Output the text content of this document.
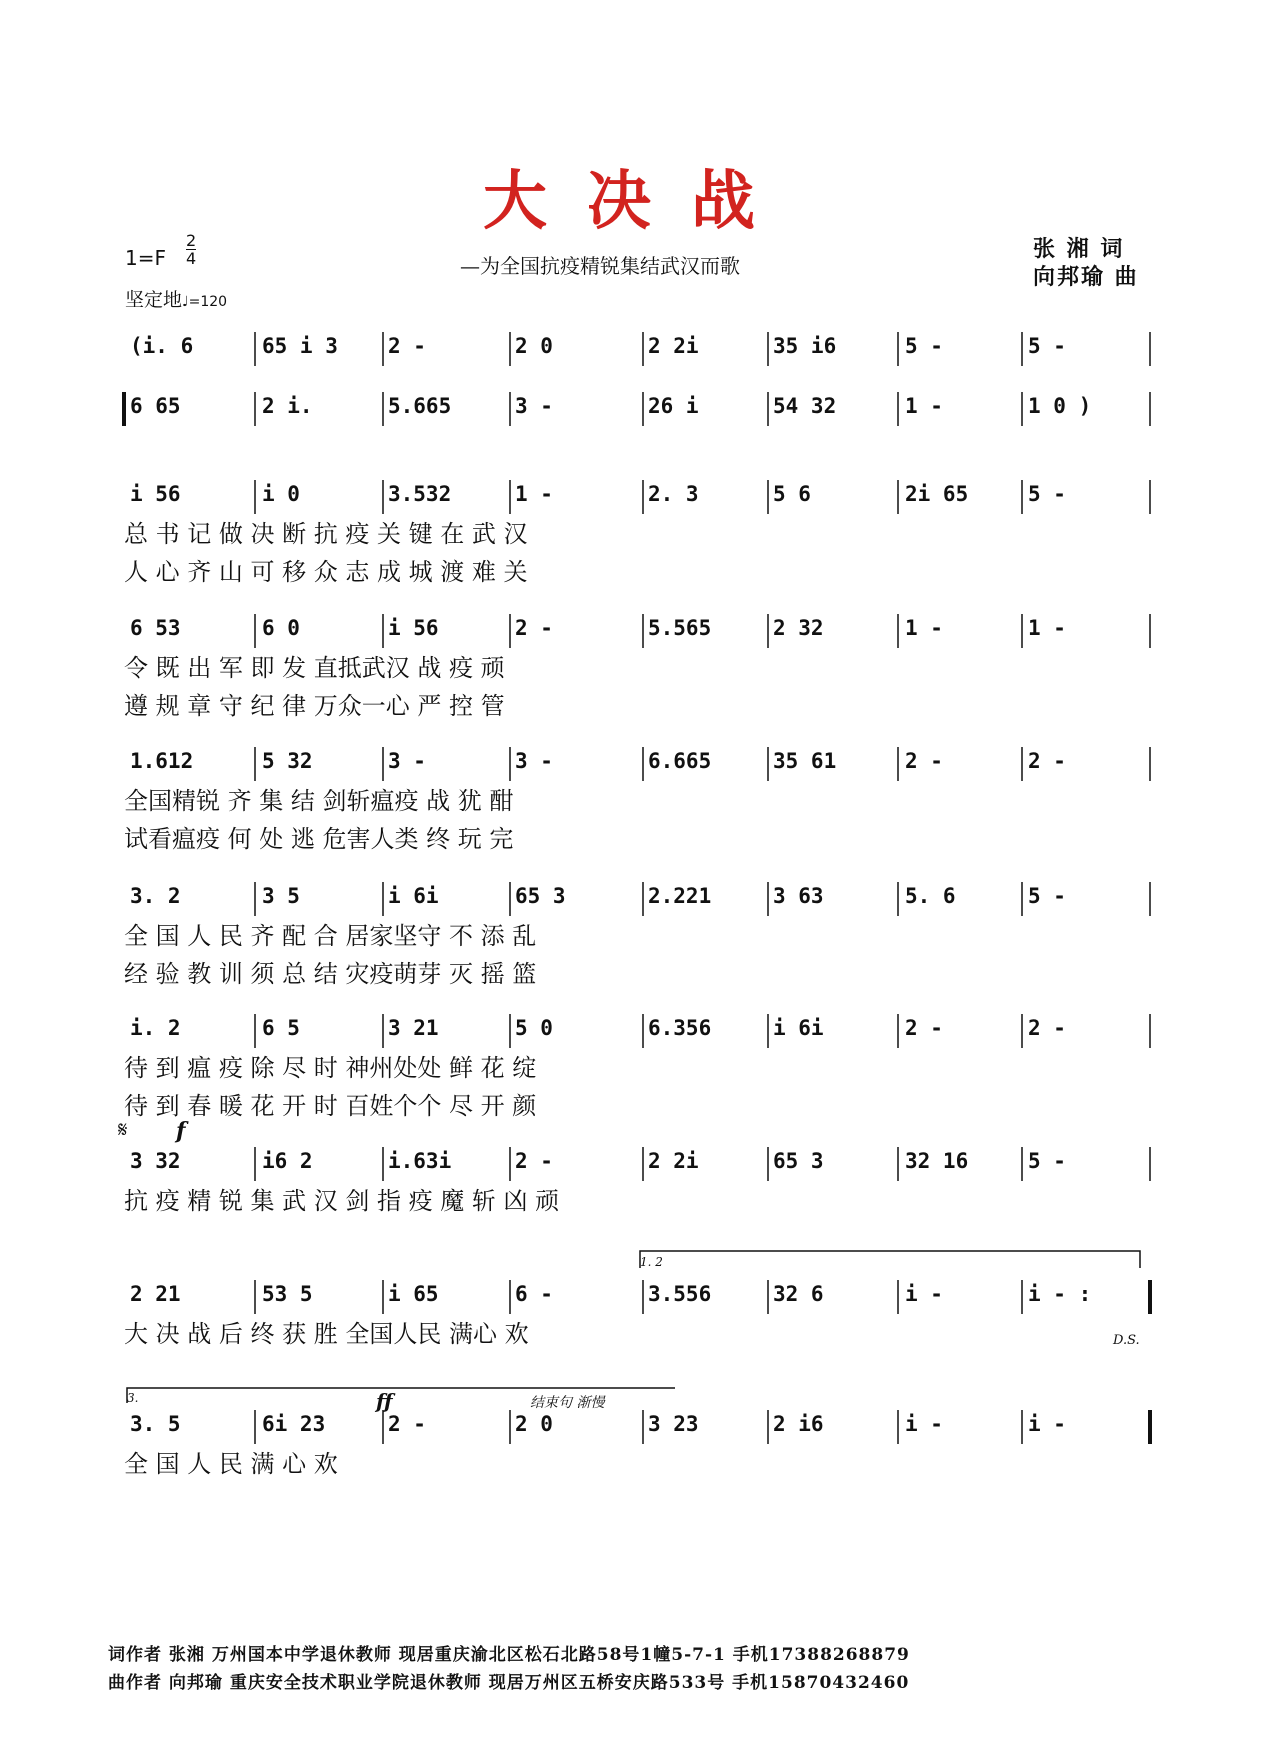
大决战
—为全国抗疫精锐集结武汉而歌
张 湘 词
向邦瑜 曲
1=F
2
4
坚定地♩=120
(i. 6	65 i 3	2 -	2 0	2 2i	35 i6	5 -	5 -
6 65	2 i.	5.665	3 -	26 i	54 32	1 -	1 0 )
i 56	i 0	3.532	1 -	2. 3	5 6	2i 65	5 -
总 书 记 做 决 断 抗 疫 关 键 在 武 汉
人 心 齐 山 可 移 众 志 成 城 渡 难 关
6 53	6 0	i 56	2 -	5.565	2 32	1 -	1 -
令 既 出 军 即 发 直抵武汉 战 疫 顽
遵 规 章 守 纪 律 万众一心 严 控 管
1.612	5 32	3 -	3 -	6.665	35 61	2 -	2 -
全国精锐 齐 集 结 剑斩瘟疫 战 犹 酣
试看瘟疫 何 处 逃 危害人类 终 玩 完
3. 2	3 5	i 6i	65 3	2.221	3 63	5. 6	5 -
全 国 人 民 齐 配 合 居家坚守 不 添 乱
经 验 教 训 须 总 结 灾疫萌芽 灭 摇 篮
i. 2	6 5	3 21	5 0	6.356	i 6i	2 -	2 -
待 到 瘟 疫 除 尽 时 神州处处 鲜 花 绽
待 到 春 暖 花 开 时 百姓个个 尽 开 颜
3 32	i6 2	i.63i	2 -	2 2i	65 3	32 16	5 -
抗 疫 精 锐 集 武 汉 剑 指 疫 魔 斩 凶 顽
2 21	53 5	i 65	6 -	3.556	32 6	i -	i - :
大 决 战 后 终 获 胜 全国人民 满心 欢
3. 5	6i 23	2 -	2 0	3 23	2 i6	i -	i -
全 国 人 民 满 心 欢
𝄋 f
1. 2
D.S.
3.	ff	结束句 渐慢
词作者 张湘 万州国本中学退休教师 现居重庆渝北区松石北路58号1幢5-7-1 手机17388268879
曲作者 向邦瑜 重庆安全技术职业学院退休教师 现居万州区五桥安庆路533号 手机15870432460
